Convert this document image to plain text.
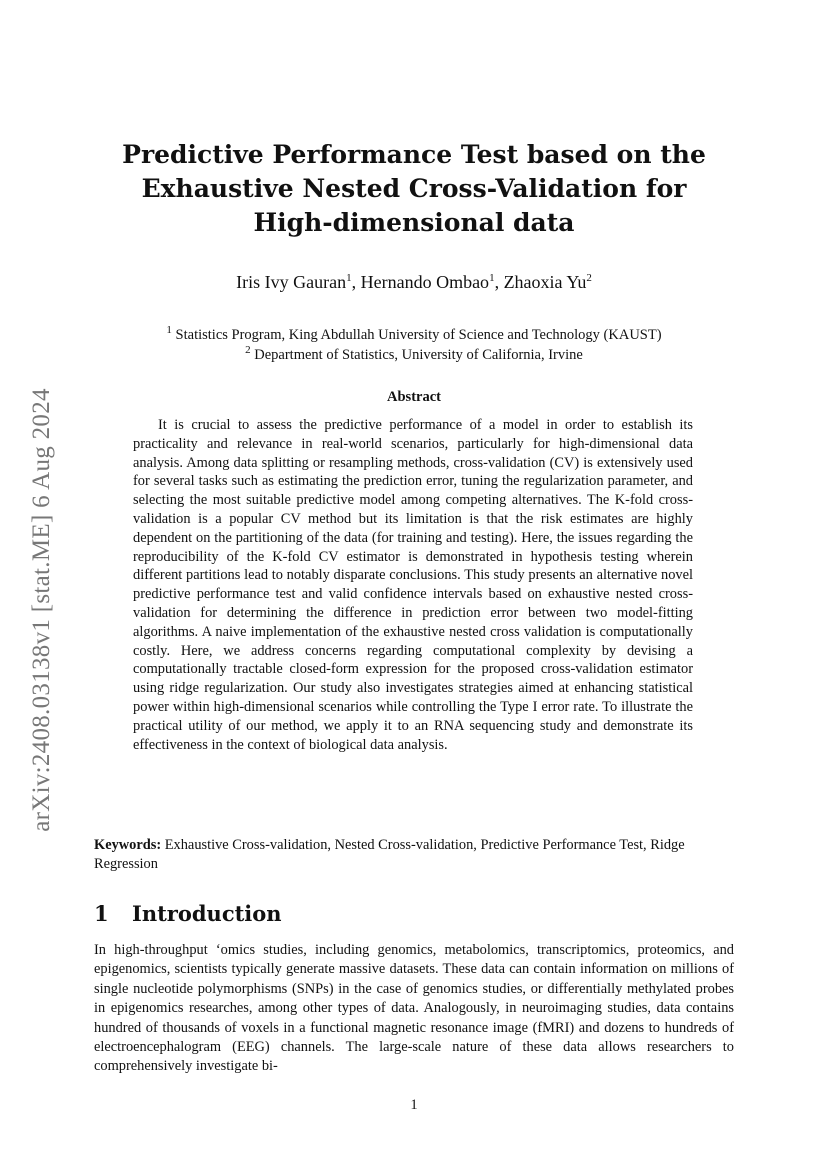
arXiv:2408.03138v1 [stat.ME] 6 Aug 2024
Predictive Performance Test based on the
Exhaustive Nested Cross-Validation for
High-dimensional data
Iris Ivy Gauran$^1$, Hernando Ombao$^1$, Zhaoxia Yu$^2$
$^1$ Statistics Program, King Abdullah University of Science and Technology (KAUST)
$^2$ Department of Statistics, University of California, Irvine
Abstract
It is crucial to assess the predictive performance of a model in order to establish its practicality and relevance in real-world scenarios, particularly for high-dimensional data analysis. Among data splitting or resampling methods, cross-validation (CV) is extensively used for several tasks such as estimating the prediction error, tuning the regularization parameter, and selecting the most suitable predictive model among competing alternatives. The K-fold cross-validation is a popular CV method but its limitation is that the risk estimates are highly dependent on the partitioning of the data (for training and testing). Here, the issues regarding the reproducibility of the K-fold CV estimator is demonstrated in hypothesis testing wherein different partitions lead to notably disparate conclusions. This study presents an alternative novel predictive performance test and valid confidence intervals based on exhaustive nested cross-validation for determining the difference in prediction error between two model-fitting algorithms. A naive implementation of the exhaustive nested cross validation is computationally costly. Here, we address concerns regarding computational complexity by devising a computationally tractable closed-form expression for the proposed cross-validation estimator using ridge regularization. Our study also investigates strategies aimed at enhancing statistical power within high-dimensional scenarios while controlling the Type I error rate. To illustrate the practical utility of our method, we apply it to an RNA sequencing study and demonstrate its effectiveness in the context of biological data analysis.
Keywords: Exhaustive Cross-validation, Nested Cross-validation, Predictive Performance Test, Ridge Regression
1 Introduction
In high-throughput ‘omics studies, including genomics, metabolomics, transcriptomics, proteomics, and epigenomics, scientists typically generate massive datasets. These data can contain information on millions of single nucleotide polymorphisms (SNPs) in the case of genomics studies, or differentially methylated probes in epigenomics researches, among other types of data. Analogously, in neuroimaging studies, data contains hundred of thousands of voxels in a functional magnetic resonance image (fMRI) and dozens to hundreds of electroencephalogram (EEG) channels. The large-scale nature of these data allows researchers to comprehensively investigate bi-
1
